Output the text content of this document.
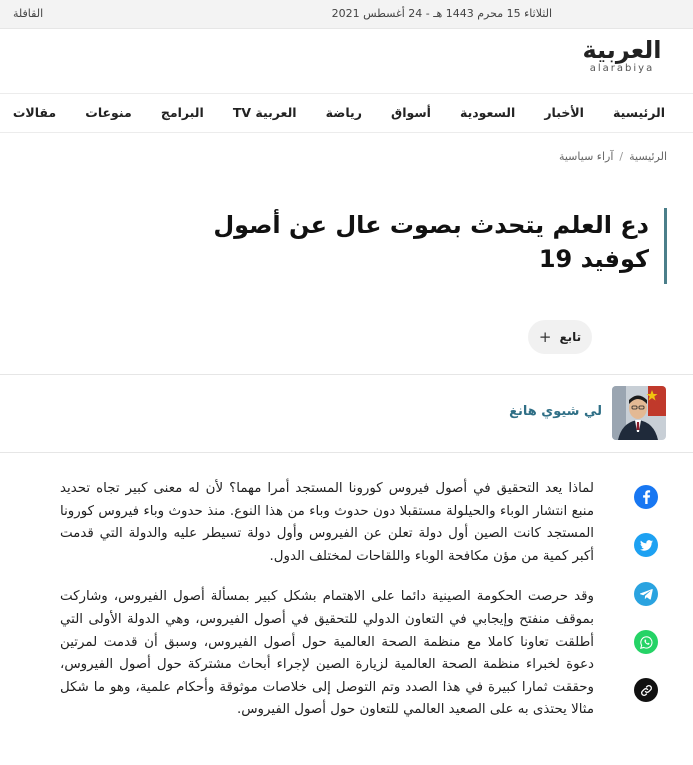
الثلاثاء 15 محرم 1443 هـ - 24 أغسطس 2021
القافلة
العربية
alarabiya
الرئيسية الأخبار السعودية أسواق رياضة العربية TV البرامج منوعات مقالات
الرئيسية/آراء سياسية
دع العلم يتحدث بصوت عال عن أصول كوفيد 19
تابع
+
لي شيوي هانغ

لماذا يعد التحقيق في أصول فيروس كورونا المستجد أمرا مهما؟ لأن له معنى كبير تجاه تحديد منبع انتشار الوباء والحيلولة مستقبلا دون حدوث وباء من هذا النوع. منذ حدوث وباء فيروس كورونا المستجد كانت الصين أول دولة تعلن عن الفيروس وأول دولة تسيطر عليه والدولة التي قدمت أكبر كمية من مؤن مكافحة الوباء واللقاحات لمختلف الدول.

وقد حرصت الحكومة الصينية دائما على الاهتمام بشكل كبير بمسألة أصول الفيروس، وشاركت بموقف منفتح وإيجابي في التعاون الدولي للتحقيق في أصول الفيروس، وهي الدولة الأولى التي أطلقت تعاونا كاملا مع منظمة الصحة العالمية حول أصول الفيروس، وسبق أن قدمت لمرتين دعوة لخبراء منظمة الصحة العالمية لزيارة الصين لإجراء أبحاث مشتركة حول أصول الفيروس، وحققت ثمارا كبيرة في هذا الصدد وتم التوصل إلى خلاصات موثوقة وأحكام علمية، وهو ما شكل مثالا يحتذى به على الصعيد العالمي للتعاون حول أصول الفيروس.
